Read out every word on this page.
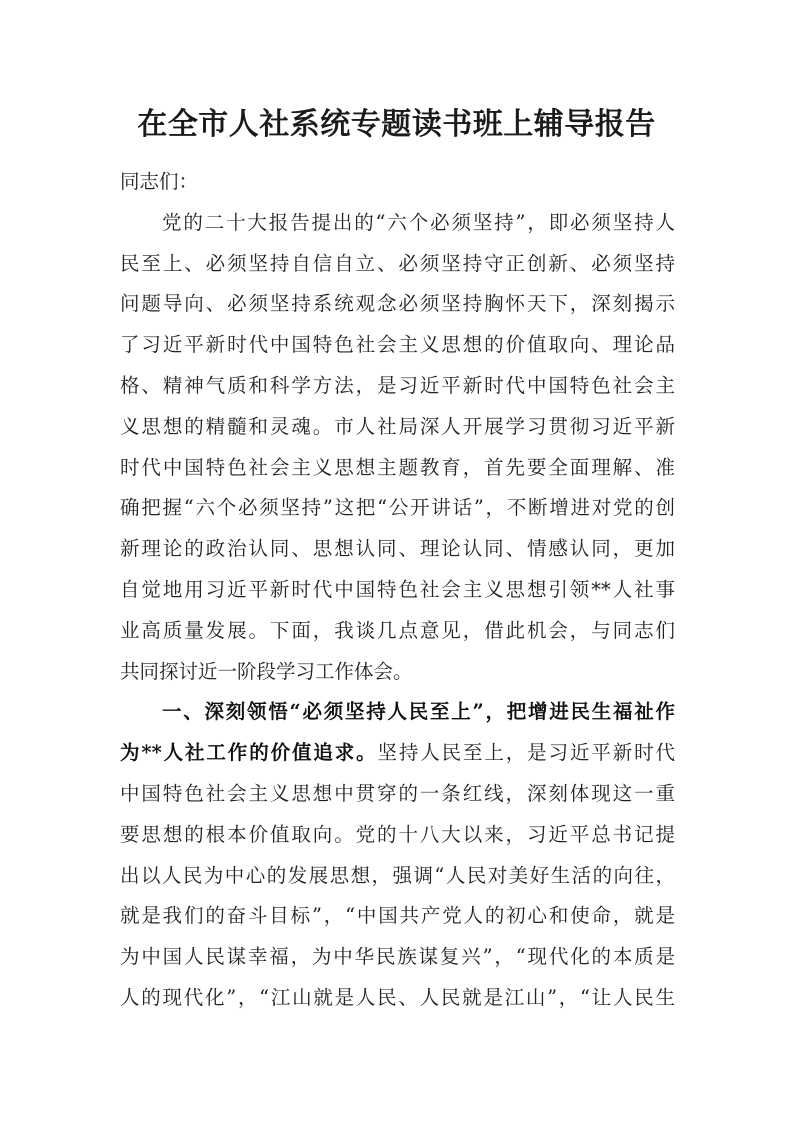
在全市人社系统专题读书班上辅导报告
同志们：
党的二十大报告提出的“六个必须坚持”，即必须坚持人
民至上、必须坚持自信自立、必须坚持守正创新、必须坚持
问题导向、必须坚持系统观念必须坚持胸怀天下，深刻揭示
了习近平新时代中国特色社会主义思想的价值取向、理论品
格、精神气质和科学方法，是习近平新时代中国特色社会主
义思想的精髓和灵魂。市人社局深人开展学习贯彻习近平新
时代中国特色社会主义思想主题教育，首先要全面理解、准
确把握“六个必须坚持”这把“公开讲话”，不断增进对党的创
新理论的政治认同、思想认同、理论认同、情感认同，更加
自觉地用习近平新时代中国特色社会主义思想引领**人社事
业高质量发展。下面，我谈几点意见，借此机会，与同志们
共同探讨近一阶段学习工作体会。
一、深刻领悟“必须坚持人民至上”，把增进民生福祉作
为**人社工作的价值追求。坚持人民至上，是习近平新时代
中国特色社会主义思想中贯穿的一条红线，深刻体现这一重
要思想的根本价值取向。党的十八大以来，习近平总书记提
出以人民为中心的发展思想，强调“人民对美好生活的向往，
就是我们的奋斗目标”，“中国共产党人的初心和使命，就是
为中国人民谋幸福，为中华民族谋复兴”，“现代化的本质是
人的现代化”，“江山就是人民、人民就是江山”，“让人民生
